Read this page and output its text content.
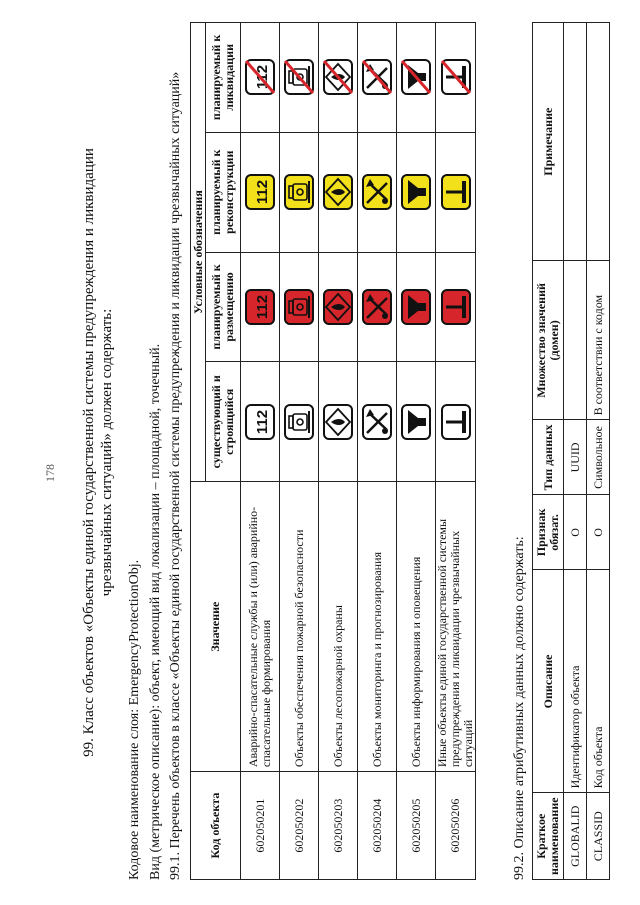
178 99. Класс объектов «Объекты единой государственной системы предупреждения и ликвидации чрезвычайных ситуаций» должен содержать:
Кодовое наименование слоя: EmergencyProtectionObj. Вид (метрическое описание): объект, имеющий вид локализации – площадной, точечный. 99.1. Перечень объектов в классе «Объекты единой государственной системы предупреждения и ликвидации чрезвычайных ситуаций» Код объекта	Значение	Условные обозначения			
		существующий и строящийся	планируемый к размещению	планируемый к реконструкции	планируемый к ликвидации
602050201	Аварийно-спасательные службы и (или) аварийно-спасательные формирования	112	112	112	112

602050202	Объекты обеспечения пожарной безопасности	

602050203	Объекты лесопожарной охраны	

602050204	Объекты мониторинга и прогнозирования	

602050205	Объекты информирования и оповещения	

602050206	Иные объекты единой государственной системы предупреждения и ликвидации чрезвычайных ситуаций	

		99.2. Описание атрибутивных данных должно содержать: Краткое наименование	Описание	Признак обязат.	Тип данных	Множество значений (домен)	Примечание
GLOBALID	Идентификатор объекта	О	UUID		
CLASSID	Код объекта	О	Символьное	В соответствии с кодом	
